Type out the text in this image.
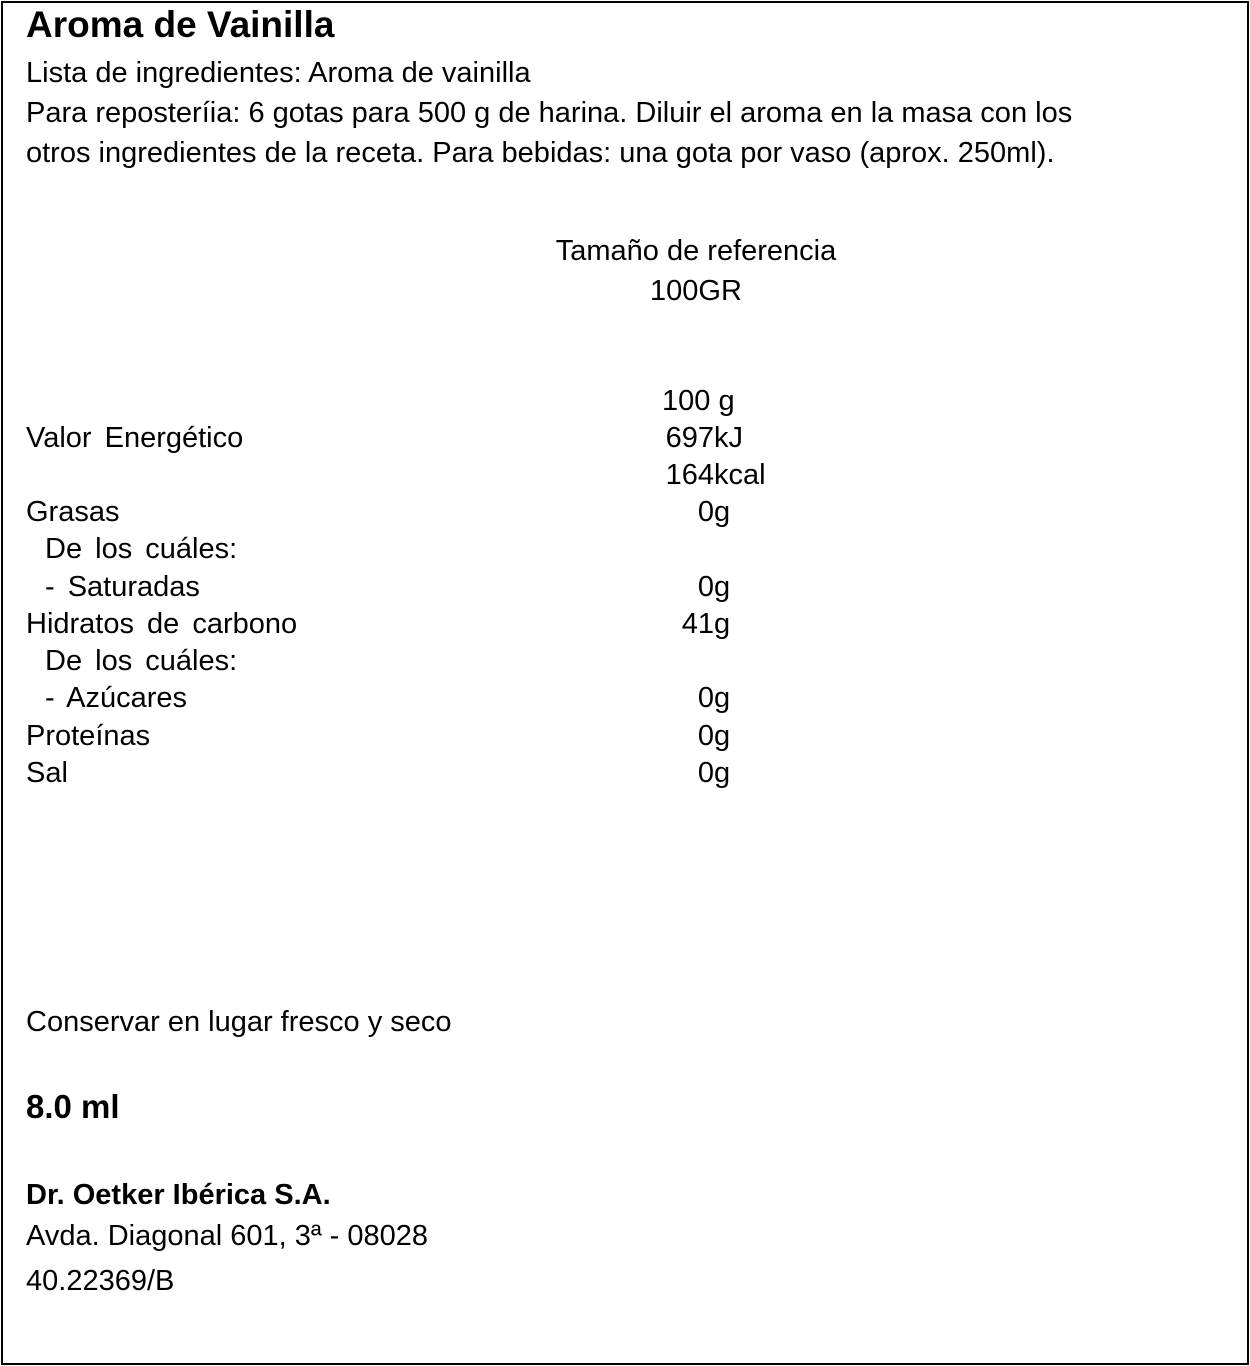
Aroma de Vainilla

Lista de ingredientes: Aroma de vainilla

Para reposteríia: 6 gotas para 500 g de harina. Diluir el aroma en la masa con los

otros ingredientes de la receta. Para bebidas: una gota por vaso (aprox. 250ml).

Tamaño de referencia

100GR

100 g

Valor Energético	697kJ
164kcal
Grasas	0g
De los cuáles:
- Saturadas	0g
Hidratos de carbono	41g
De los cuáles:
- Azúcares	0g
Proteínas	0g
Sal	0g

Conservar en lugar fresco y seco

8.0 ml

Dr. Oetker Ibérica S.A.

Avda. Diagonal 601, 3ª - 08028

40.22369/B
